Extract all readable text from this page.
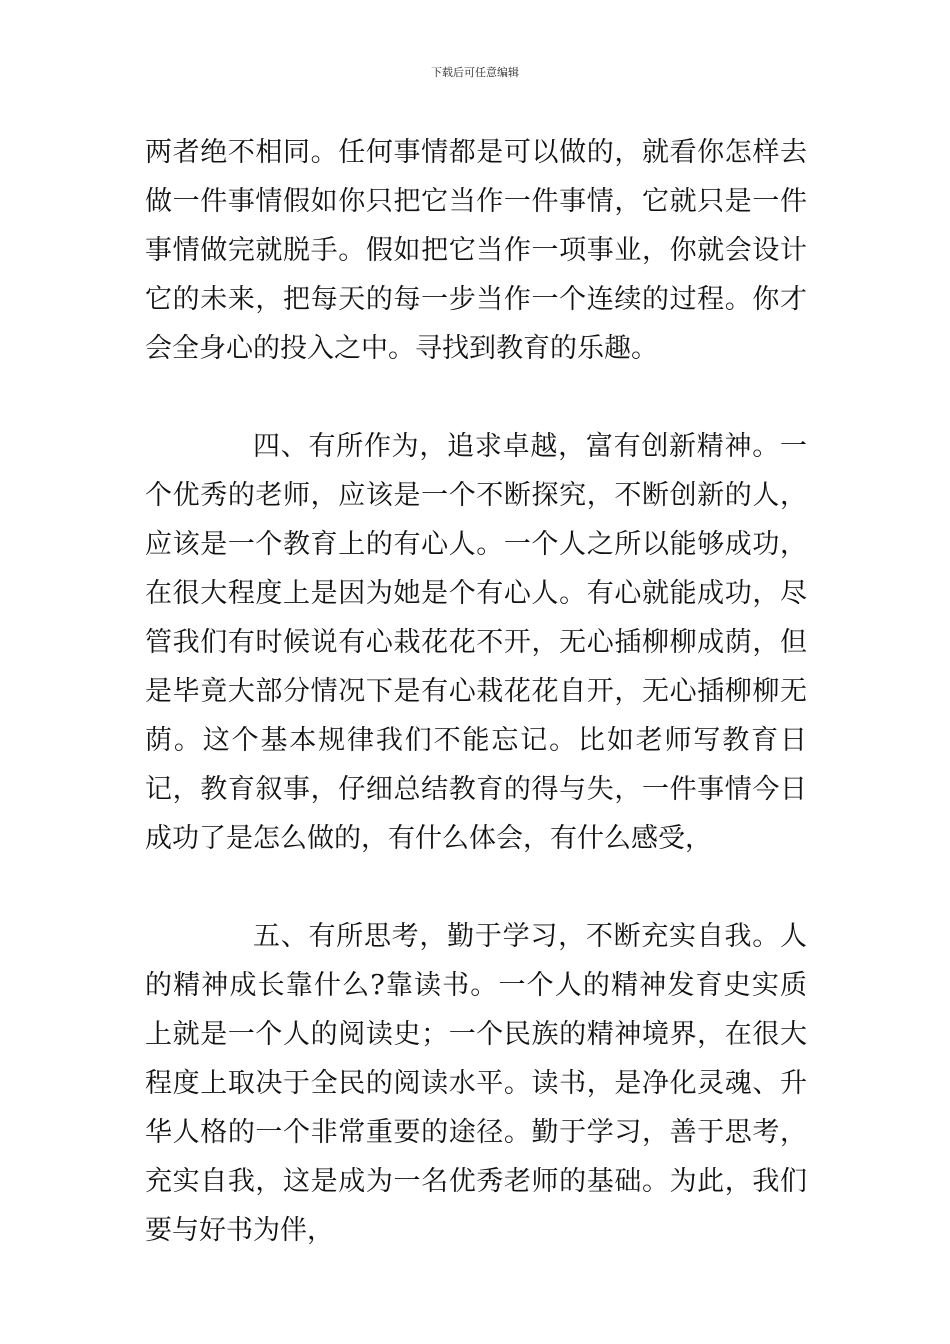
下载后可任意编辑

两者绝不相同。任何事情都是可以做的，就看你怎样去做一件事情假如你只把它当作一件事情，它就只是一件事情做完就脱手。假如把它当作一项事业，你就会设计它的未来，把每天的每一步当作一个连续的过程。你才会全身心的投入之中。寻找到教育的乐趣。

四、有所作为，追求卓越，富有创新精神。一个优秀的老师，应该是一个不断探究，不断创新的人，应该是一个教育上的有心人。一个人之所以能够成功，在很大程度上是因为她是个有心人。有心就能成功，尽管我们有时候说有心栽花花不开，无心插柳柳成荫，但是毕竟大部分情况下是有心栽花花自开，无心插柳柳无荫。这个基本规律我们不能忘记。比如老师写教育日记，教育叙事，仔细总结教育的得与失，一件事情今日成功了是怎么做的，有什么体会，有什么感受，

五、有所思考，勤于学习，不断充实自我。人的精神成长靠什么?靠读书。一个人的精神发育史实质上就是一个人的阅读史；一个民族的精神境界，在很大程度上取决于全民的阅读水平。读书，是净化灵魂、升华人格的一个非常重要的途径。勤于学习，善于思考，充实自我，这是成为一名优秀老师的基础。为此，我们要与好书为伴，
